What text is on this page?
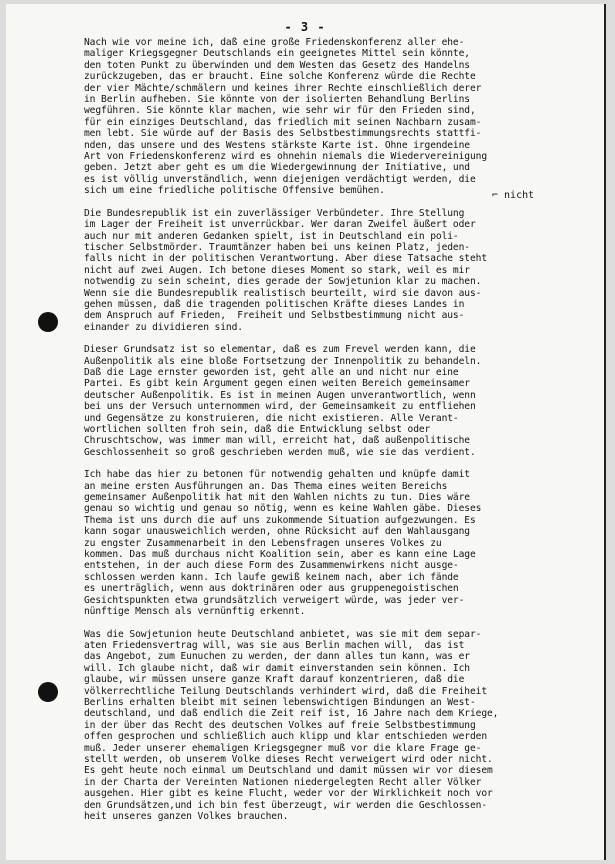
- 3 -
⌐ nicht
Nach wie vor meine ich, daß eine große Friedenskonferenz aller ehe-
maliger Kriegsgegner Deutschlands ein geeignetes Mittel sein könnte,
den toten Punkt zu überwinden und dem Westen das Gesetz des Handelns
zurückzugeben, das er braucht. Eine solche Konferenz würde die Rechte
der vier Mächte/schmälern und keines ihrer Rechte einschließlich derer
in Berlin aufheben. Sie könnte von der isolierten Behandlung Berlins
wegführen. Sie könnte klar machen, wie sehr wir für den Frieden sind,
für ein einziges Deutschland, das friedlich mit seinen Nachbarn zusam-
men lebt. Sie würde auf der Basis des Selbstbestimmungsrechts stattfi-
nden, das unsere und des Westens stärkste Karte ist. Ohne irgendeine
Art von Friedenskonferenz wird es ohnehin niemals die Wiedervereinigung
geben. Jetzt aber geht es um die Wiedergewinnung der Initiative, und
es ist völlig unverständlich, wenn diejenigen verdächtigt werden, die
sich um eine friedliche politische Offensive bemühen.
Die Bundesrepublik ist ein zuverlässiger Verbündeter. Ihre Stellung
im Lager der Freiheit ist unverrückbar. Wer daran Zweifel äußert oder
auch nur mit anderen Gedanken spielt, ist in Deutschland ein poli-
tischer Selbstmörder. Traumtänzer haben bei uns keinen Platz, jeden-
falls nicht in der politischen Verantwortung. Aber diese Tatsache steht
nicht auf zwei Augen. Ich betone dieses Moment so stark, weil es mir
notwendig zu sein scheint, dies gerade der Sowjetunion klar zu machen.
Wenn sie die Bundesrepublik realistisch beurteilt, wird sie davon aus-
gehen müssen, daß die tragenden politischen Kräfte dieses Landes in
dem Anspruch auf Frieden,  Freiheit und Selbstbestimmung nicht aus-
einander zu dividieren sind.
Dieser Grundsatz ist so elementar, daß es zum Frevel werden kann, die
Außenpolitik als eine bloße Fortsetzung der Innenpolitik zu behandeln.
Daß die Lage ernster geworden ist, geht alle an und nicht nur eine
Partei. Es gibt kein Argument gegen einen weiten Bereich gemeinsamer
deutscher Außenpolitik. Es ist in meinen Augen unverantwortlich, wenn
bei uns der Versuch unternommen wird, der Gemeinsamkeit zu entfliehen
und Gegensätze zu konstruieren, die nicht existieren. Alle Verant-
wortlichen sollten froh sein, daß die Entwicklung selbst oder
Chruschtschow, was immer man will, erreicht hat, daß außenpolitische
Geschlossenheit so groß geschrieben werden muß, wie sie das verdient.
Ich habe das hier zu betonen für notwendig gehalten und knüpfe damit
an meine ersten Ausführungen an. Das Thema eines weiten Bereichs
gemeinsamer Außenpolitik hat mit den Wahlen nichts zu tun. Dies wäre
genau so wichtig und genau so nötig, wenn es keine Wahlen gäbe. Dieses
Thema ist uns durch die auf uns zukommende Situation aufgezwungen. Es
kann sogar unausweichlich werden, ohne Rücksicht auf den Wahlausgang
zu engster Zusammenarbeit in den Lebensfragen unseres Volkes zu
kommen. Das muß durchaus nicht Koalition sein, aber es kann eine Lage
entstehen, in der auch diese Form des Zusammenwirkens nicht ausge-
schlossen werden kann. Ich laufe gewiß keinem nach, aber ich fände
es unerträglich, wenn aus doktrinären oder aus gruppenegoistischen
Gesichtspunkten etwa grundsätzlich verweigert würde, was jeder ver-
nünftige Mensch als vernünftig erkennt.
Was die Sowjetunion heute Deutschland anbietet, was sie mit dem separ-
aten Friedensvertrag will, was sie aus Berlin machen will,  das ist
das Angebot, zum Eunuchen zu werden, der dann alles tun kann, was er
will. Ich glaube nicht, daß wir damit einverstanden sein können. Ich
glaube, wir müssen unsere ganze Kraft darauf konzentrieren, daß die
völkerrechtliche Teilung Deutschlands verhindert wird, daß die Freiheit
Berlins erhalten bleibt mit seinen lebenswichtigen Bindungen an West-
deutschland, und daß endlich die Zeit reif ist, 16 Jahre nach dem Kriege,
in der über das Recht des deutschen Volkes auf freie Selbstbestimmung
offen gesprochen und schließlich auch klipp und klar entschieden werden
muß. Jeder unserer ehemaligen Kriegsgegner muß vor die klare Frage ge-
stellt werden, ob unserem Volke dieses Recht verweigert wird oder nicht.
Es geht heute noch einmal um Deutschland und damit müssen wir vor diesem
in der Charta der Vereinten Nationen niedergelegten Recht aller Völker
ausgehen. Hier gibt es keine Flucht, weder vor der Wirklichkeit noch vor
den Grundsätzen,und ich bin fest überzeugt, wir werden die Geschlossen-
heit unseres ganzen Volkes brauchen.
